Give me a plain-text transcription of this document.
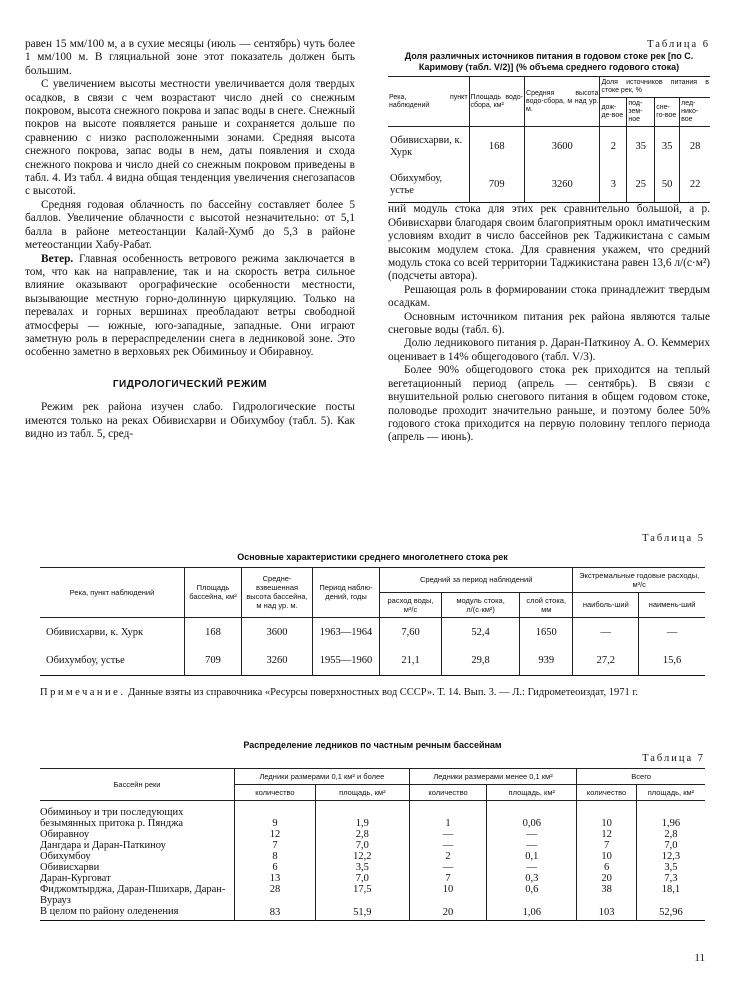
равен 15 мм/100 м, а в сухие месяцы (июль — сентябрь) чуть более 1 мм/100 м. В гляциальной зоне этот показатель должен быть большим.

С увеличением высоты местности увеличивается доля твердых осадков, в связи с чем возрастают число дней со снежным покровом, высота снежного покрова и запас воды в снеге. Снежный покров на высоте появляется раньше и сохраняется дольше по сравнению с низко расположенными зонами. Средняя высота снежного покрова, запас воды в нем, даты появления и схода снежного покрова и число дней со снежным покровом приведены в табл. 4. Из табл. 4 видна общая тенденция увеличения снегозапасов с высотой.

Средняя годовая облачность по бассейну составляет более 5 баллов. Увеличение облачности с высотой незначительно: от 5,1 балла в районе метеостанции Калай-Хумб до 5,3 в районе метеостанции Хабу-Рабат.

Ветер. Главная особенность ветрового режима заключается в том, что как на направление, так и на скорость ветра сильное влияние оказывают орографические особенности местности, вызывающие местную горно-долинную циркуляцию. Только на перевалах и горных вершинах преобладают ветры свободной атмосферы — южные, юго-западные, западные. Они играют заметную роль в перераспределении снега в ледниковой зоне. Это особенно заметно в верховьях рек Обиминьоу и Обиравноу.

ГИДРОЛОГИЧЕСКИЙ РЕЖИМ

Режим рек района изучен слабо. Гидрологические посты имеются только на реках Обивисхарви и Обихумбоу (табл. 5). Как видно из табл. 5, сред-

Таблица 6
Доля различных источников питания в годовом стоке рек [по С. Каримову (табл. V/2)] (% объема среднего годового стока)
Река, пункт наблюдений	Площадь водо-сбора, км²	Средняя высота водо-сбора, м над ур. м.	Доля источников питания в стоке рек, %			
			дож-де-вое	под-зем-ное	сне-го-вое	лед-нико-вое
Обивисхарви, к. Хурк	168	3600	2	35	35	28
Обихумбоу, устье	709	3260	3	25	50	22

ний модуль стока для этих рек сравнительно большой, а р. Обивисхарви благодаря своим благоприятным орокл иматическим условиям входит в число бассейнов рек Таджикистана с самым высоким модулем стока. Для сравнения укажем, что средний модуль стока со всей территории Таджикистана равен 13,6 л/(с·м²) (подсчеты автора).

Решающая роль в формировании стока принадлежит твердым осадкам.

Основным источником питания рек района являются талые снеговые воды (табл. 6).

Долю ледникового питания р. Даран-Паткиноу А. О. Кеммерих оценивает в 14% общегодового (табл. V/3).

Более 90% общегодового стока рек приходится на теплый вегетационный период (апрель — сентябрь). В связи с внушительной ролью снегового питания в общем годовом стоке, половодье проходит значительно раньше, и поэтому более 50% годового стока приходится на первую половину теплого периода (апрель — июнь).

Таблица 5
Основные характеристики среднего многолетнего стока рек
Река, пункт наблюдений	Площадь бассейна, км²	Средне-взвешенная высота бассейна, м над ур. м.	Период наблю-дений, годы	Средний за период наблюдений			Экстремальные годовые расходы, м³/с	
				расход воды, м³/с	модуль стока, л/(с·км²)	слой стока, мм	наиболь-ший	наимень-ший
Обивисхарви, к. Хурк	168	3600	1963—1964	7,60	52,4	1650	—	—
Обихумбоу, устье	709	3260	1955—1960	21,1	29,8	939	27,2	15,6
Примечание. Данные взяты из справочника «Ресурсы поверхностных вод СССР». Т. 14. Вып. 3. — Л.: Гидрометеоиздат, 1971 г.
Распределение ледников по частным речным бассейнам
Таблица 7
Бассейн реки	Ледники размерами 0,1 км² и более		Ледники размерами менее 0,1 км²		Всего	
	количество	площадь, км²	количество	площадь, км²	количество	площадь, км²
Обиминьоу и три последующих безымянных притока р. Пянджа	9	1,9	1	0,06	10	1,96
Обиравноу	12	2,8	—	—	12	2,8
Дангдара и Даран-Паткиноу	7	7,0	—	—	7	7,0
Обихумбоу	8	12,2	2	0,1	10	12,3
Обивисхарви	6	3,5	—	—	6	3,5
Даран-Курговат	13	7,0	7	0,3	20	7,3
Фиджомтырджа, Даран-Пшихарв, Даран-Вурауз	28	17,5	10	0,6	38	18,1
В целом по району оледенения	83	51,9	20	1,06	103	52,96
11
